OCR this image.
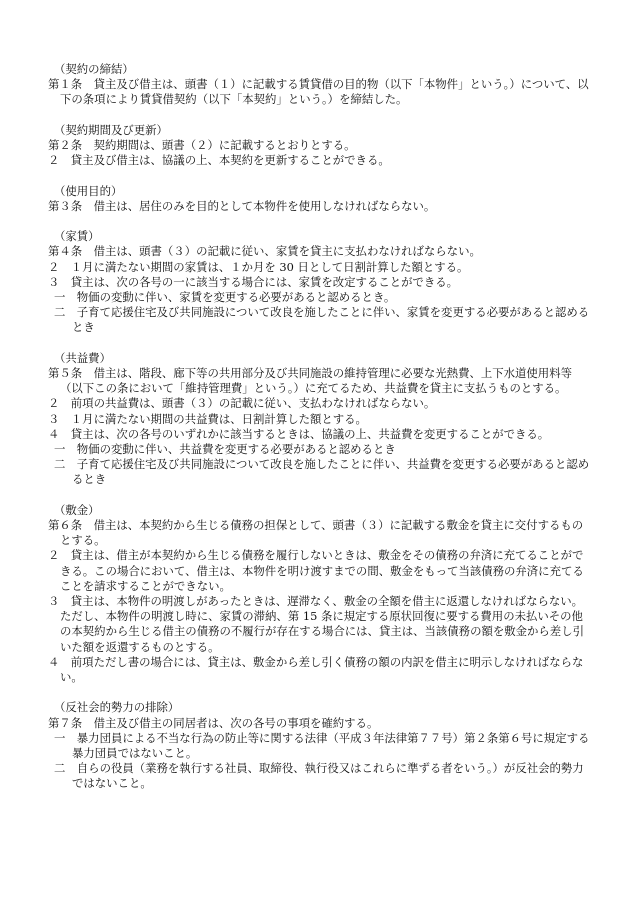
（契約の締結）
第１条　貸主及び借主は、頭書（１）に記載する賃貸借の目的物（以下「本物件」という。）について、以下の条項により賃貸借契約（以下「本契約」という。）を締結した。
（契約期間及び更新）
第２条　契約期間は、頭書（２）に記載するとおりとする。
２　貸主及び借主は、協議の上、本契約を更新することができる。
（使用目的）
第３条　借主は、居住のみを目的として本物件を使用しなければならない。
（家賃）
第４条　借主は、頭書（３）の記載に従い、家賃を貸主に支払わなければならない。
２　１月に満たない期間の家賃は、１か月を 30 日として日割計算した額とする。
３　貸主は、次の各号の一に該当する場合には、家賃を改定することができる。
一　物価の変動に伴い、家賃を変更する必要があると認めるとき。
二　子育て応援住宅及び共同施設について改良を施したことに伴い、家賃を変更する必要があると認めるとき
（共益費）
第５条　借主は、階段、廊下等の共用部分及び共同施設の維持管理に必要な光熱費、上下水道使用料等（以下この条において「維持管理費」という。）に充てるため、共益費を貸主に支払うものとする。
２　前項の共益費は、頭書（３）の記載に従い、支払わなければならない。
３　１月に満たない期間の共益費は、日割計算した額とする。
４　貸主は、次の各号のいずれかに該当するときは、協議の上、共益費を変更することができる。
一　物価の変動に伴い、共益費を変更する必要があると認めるとき
二　子育て応援住宅及び共同施設について改良を施したことに伴い、共益費を変更する必要があると認めるとき
（敷金）
第６条　借主は、本契約から生じる債務の担保として、頭書（３）に記載する敷金を貸主に交付するものとする。
２　貸主は、借主が本契約から生じる債務を履行しないときは、敷金をその債務の弁済に充てることができる。この場合において、借主は、本物件を明け渡すまでの間、敷金をもって当該債務の弁済に充てることを請求することができない。
３　貸主は、本物件の明渡しがあったときは、遅滞なく、敷金の全額を借主に返還しなければならない。ただし、本物件の明渡し時に、家賃の滞納、第 15 条に規定する原状回復に要する費用の未払いその他の本契約から生じる借主の債務の不履行が存在する場合には、貸主は、当該債務の額を敷金から差し引いた額を返還するものとする。
４　前項ただし書の場合には、貸主は、敷金から差し引く債務の額の内訳を借主に明示しなければならない。
（反社会的勢力の排除）
第７条　借主及び借主の同居者は、次の各号の事項を確約する。
一　暴力団員による不当な行為の防止等に関する法律（平成３年法律第７７号）第２条第６号に規定する暴力団員ではないこと。
二　自らの役員（業務を執行する社員、取締役、執行役又はこれらに準ずる者をいう。）が反社会的勢力ではないこと。
